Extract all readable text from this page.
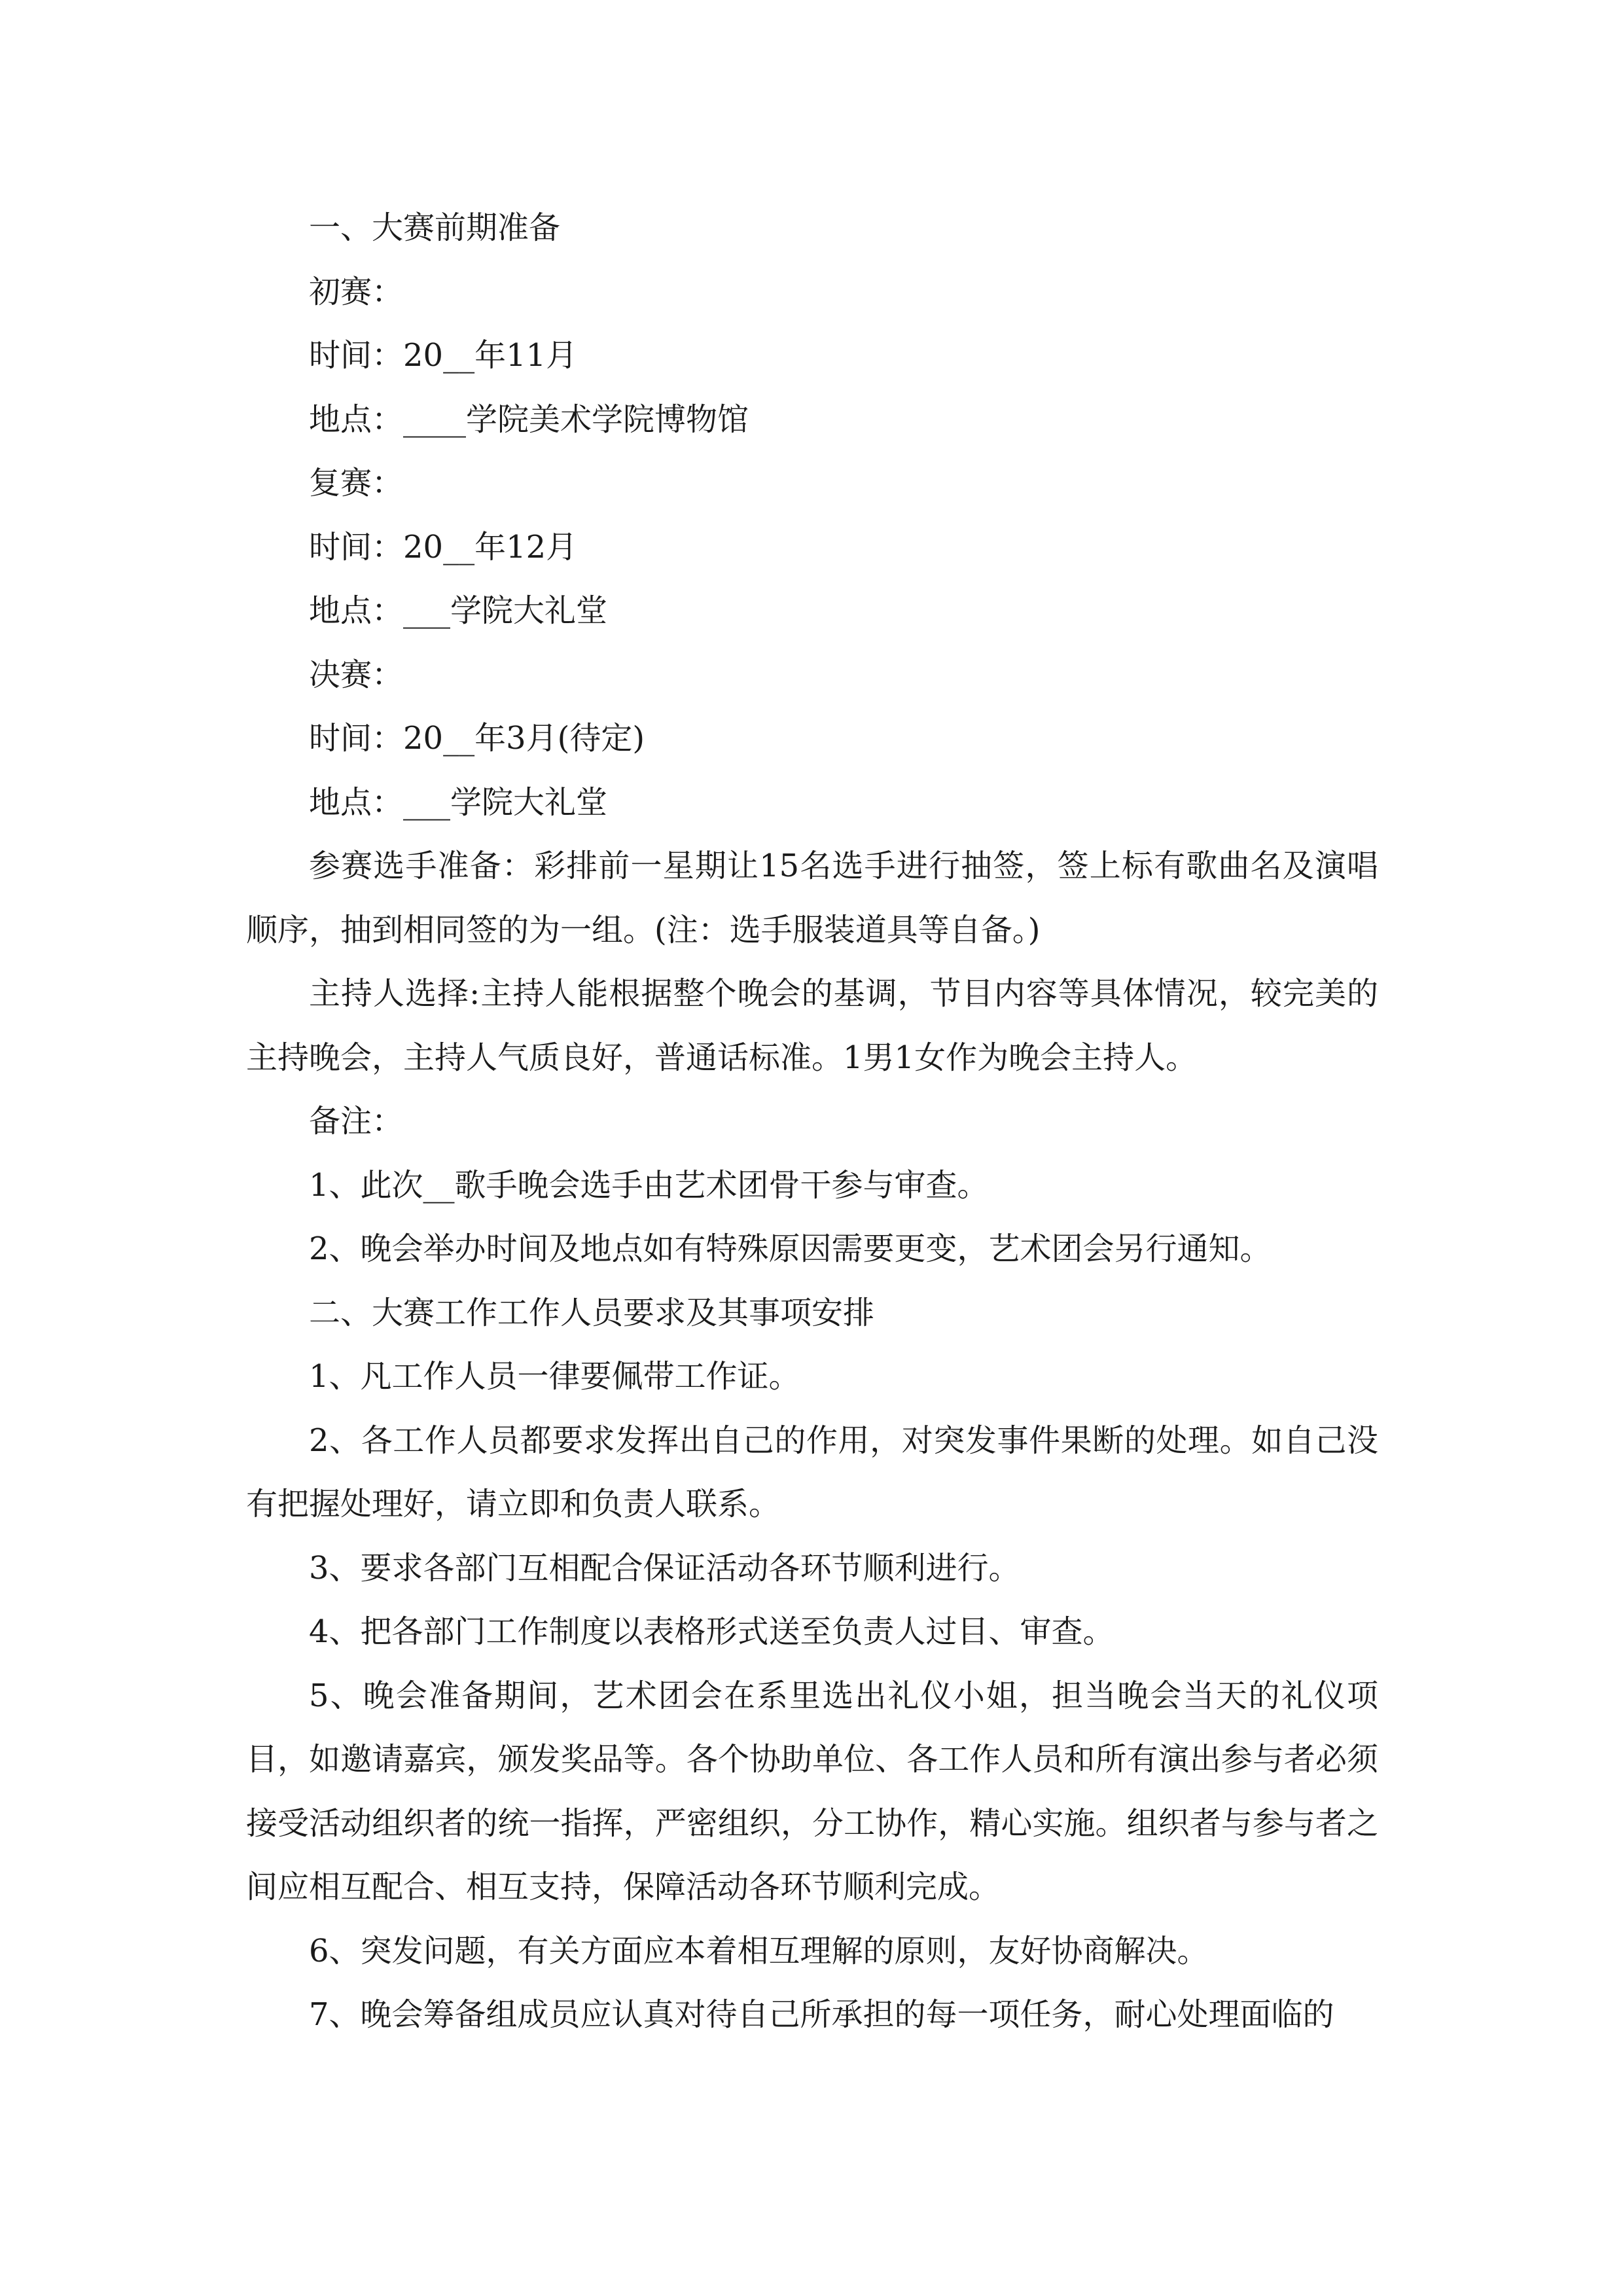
一、大赛前期准备

初赛：

时间：20__年11月

地点：____学院美术学院博物馆

复赛：

时间：20__年12月

地点：___学院大礼堂

决赛：

时间：20__年3月(待定)

地点：___学院大礼堂

参赛选手准备：彩排前一星期让15名选手进行抽签，签上标有歌曲名及演唱顺序，抽到相同签的为一组。(注：选手服装道具等自备。)

主持人选择:主持人能根据整个晚会的基调，节目内容等具体情况，较完美的主持晚会，主持人气质良好，普通话标准。1男1女作为晚会主持人。

备注：

1、此次__歌手晚会选手由艺术团骨干参与审查。

2、晚会举办时间及地点如有特殊原因需要更变，艺术团会另行通知。

二、大赛工作工作人员要求及其事项安排

1、凡工作人员一律要佩带工作证。

2、各工作人员都要求发挥出自己的作用，对突发事件果断的处理。如自己没有把握处理好，请立即和负责人联系。

3、要求各部门互相配合保证活动各环节顺利进行。

4、把各部门工作制度以表格形式送至负责人过目、审查。

5、晚会准备期间，艺术团会在系里选出礼仪小姐，担当晚会当天的礼仪项目，如邀请嘉宾，颁发奖品等。各个协助单位、各工作人员和所有演出参与者必须接受活动组织者的统一指挥，严密组织，分工协作，精心实施。组织者与参与者之间应相互配合、相互支持，保障活动各环节顺利完成。

6、突发问题，有关方面应本着相互理解的原则，友好协商解决。

7、晚会筹备组成员应认真对待自己所承担的每一项任务，耐心处理面临的
